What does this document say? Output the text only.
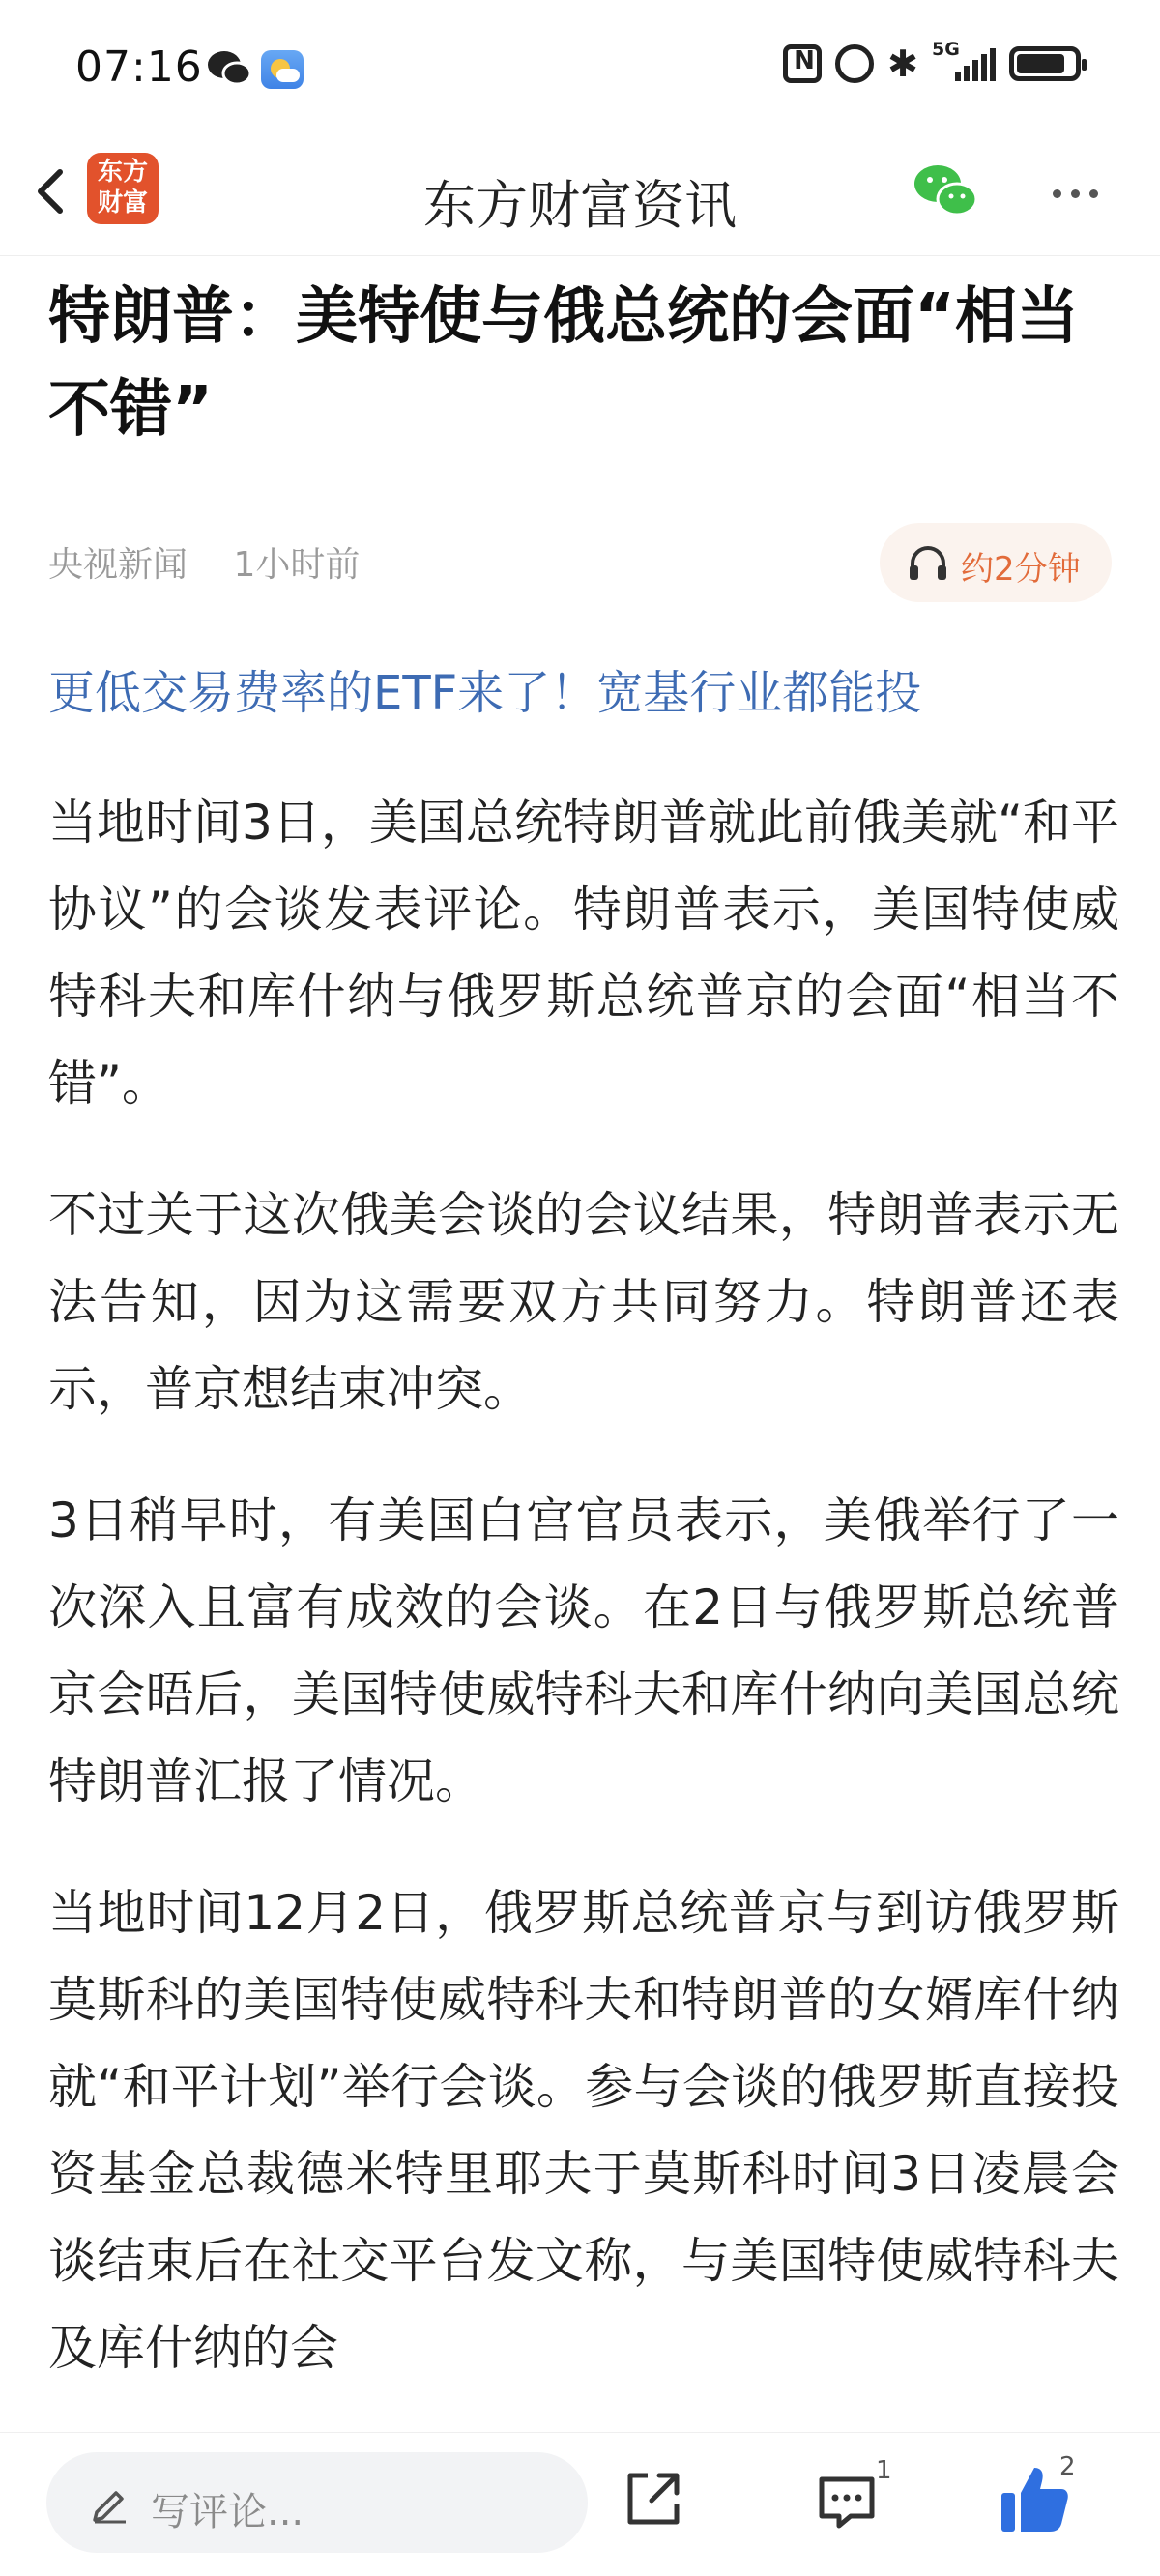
07:16
N	✱ 5G
东方
财富	东方财富资讯
特朗普：美特使与俄总统的会面“相当不错”
央视新闻 1小时前	约2分钟
更低交易费率的ETF来了！宽基行业都能投

当地时间3日，美国总统特朗普就此前俄美就“和平协议”的会谈发表评论。特朗普表示，美国特使威特科夫和库什纳与俄罗斯总统普京的会面“相当不错”。

不过关于这次俄美会谈的会议结果，特朗普表示无法告知，因为这需要双方共同努力。特朗普还表示，普京想结束冲突。

3日稍早时，有美国白宫官员表示，美俄举行了一次深入且富有成效的会谈。在2日与俄罗斯总统普京会晤后，美国特使威特科夫和库什纳向美国总统特朗普汇报了情况。

当地时间12月2日，俄罗斯总统普京与到访俄罗斯莫斯科的美国特使威特科夫和特朗普的女婿库什纳就“和平计划”举行会谈。参与会谈的俄罗斯直接投资基金总裁德米特里耶夫于莫斯科时间3日凌晨会谈结束后在社交平台发文称，与美国特使威特科夫及库什纳的会

写评论...
1	2
